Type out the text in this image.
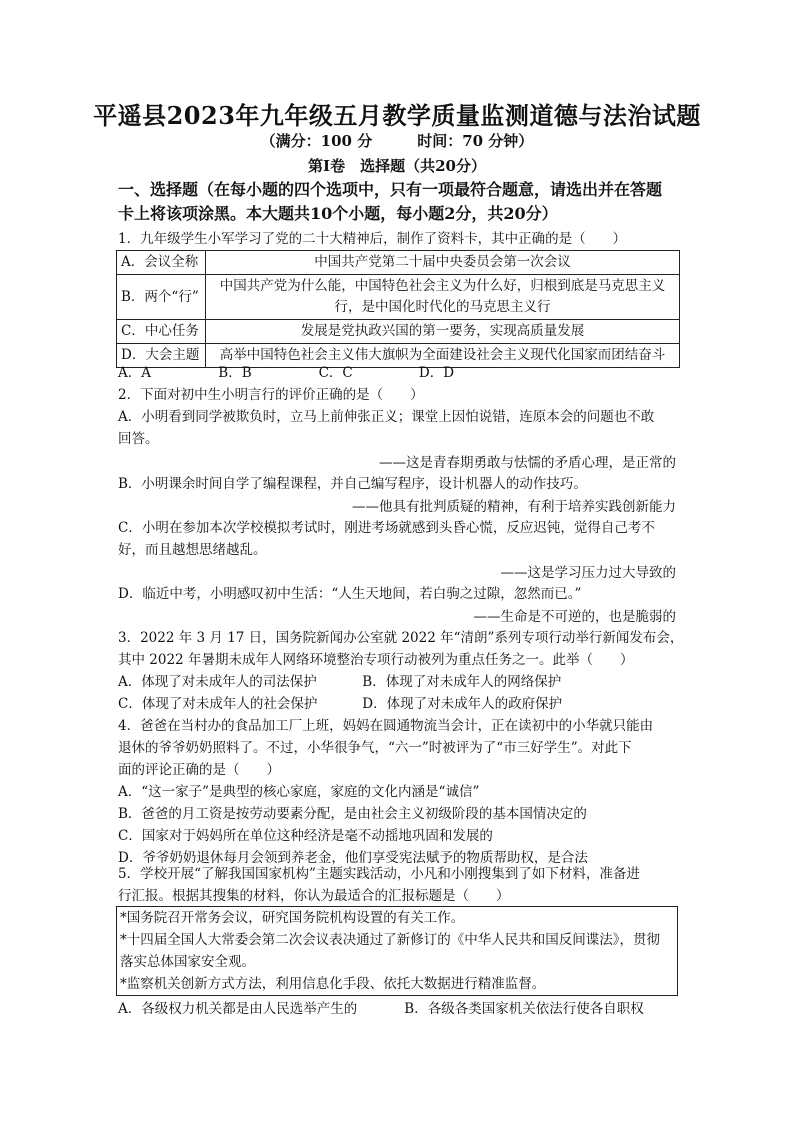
平遥县2023年九年级五月教学质量监测道德与法治试题
（满分：100 分　　　时间：70 分钟）
第Ⅰ卷　选择题（共20分）
一、选择题（在每小题的四个选项中，只有一项最符合题意，请选出并在答题
卡上将该项涂黑。本大题共10个小题，每小题2分，共20分）
1．九年级学生小军学习了党的二十大精神后，制作了资料卡，其中正确的是（　　）
A．会议全称	中国共产党第二十届中央委员会第一次会议
B．两个“行”	中国共产党为什么能，中国特色社会主义为什么好，归根到底是马克思主义
行，是中国化时代化的马克思主义行

C．中心任务	发展是党执政兴国的第一要务，实现高质量发展
D．大会主题	高举中国特色社会主义伟大旗帜为全面建设社会主义现代化国家而团结奋斗
A．A	B．B	C．C	D．D
2．下面对初中生小明言行的评价正确的是（　　）
A．小明看到同学被欺负时，立马上前伸张正义；课堂上因怕说错，连原本会的问题也不敢
回答。
——这是青春期勇敢与怯懦的矛盾心理，是正常的
B．小明课余时间自学了编程课程，并自己编写程序，设计机器人的动作技巧。
——他具有批判质疑的精神，有利于培养实践创新能力
C．小明在参加本次学校模拟考试时，刚进考场就感到头昏心慌，反应迟钝，觉得自己考不
好，而且越想思绪越乱。
——这是学习压力过大导致的
D．临近中考，小明感叹初中生活：“人生天地间，若白驹之过隙，忽然而已。”
——生命是不可逆的，也是脆弱的
3．2022 年 3 月 17 日，国务院新闻办公室就 2022 年“清朗”系列专项行动举行新闻发布会，
其中 2022 年暑期未成年人网络环境整治专项行动被列为重点任务之一。此举（　　）
A．体现了对未成年人的司法保护	B．体现了对未成年人的网络保护
C．体现了对未成年人的社会保护	D．体现了对未成年人的政府保护
4．爸爸在当村办的食品加工厂上班，妈妈在圆通物流当会计，正在读初中的小华就只能由
退休的爷爷奶奶照料了。不过，小华很争气，“六一”时被评为了“市三好学生”。对此下
面的评论正确的是（　　）
A．“这一家子”是典型的核心家庭，家庭的文化内涵是“诚信”
B．爸爸的月工资是按劳动要素分配，是由社会主义初级阶段的基本国情决定的
C．国家对于妈妈所在单位这种经济是毫不动摇地巩固和发展的
D．爷爷奶奶退休每月会领到养老金，他们享受宪法赋予的物质帮助权，是合法
5．学校开展“了解我国国家机构”主题实践活动，小凡和小刚搜集到了如下材料，准备进
行汇报。根据其搜集的材料，你认为最适合的汇报标题是（　　）
*国务院召开常务会议，研究国务院机构设置的有关工作。
*十四届全国人大常委会第二次会议表决通过了新修订的《中华人民共和国反间谍法》，贯彻
落实总体国家安全观。
*监察机关创新方式方法，利用信息化手段、依托大数据进行精准监督。
A．各级权力机关都是由人民选举产生的	B．各级各类国家机关依法行使各自职权
